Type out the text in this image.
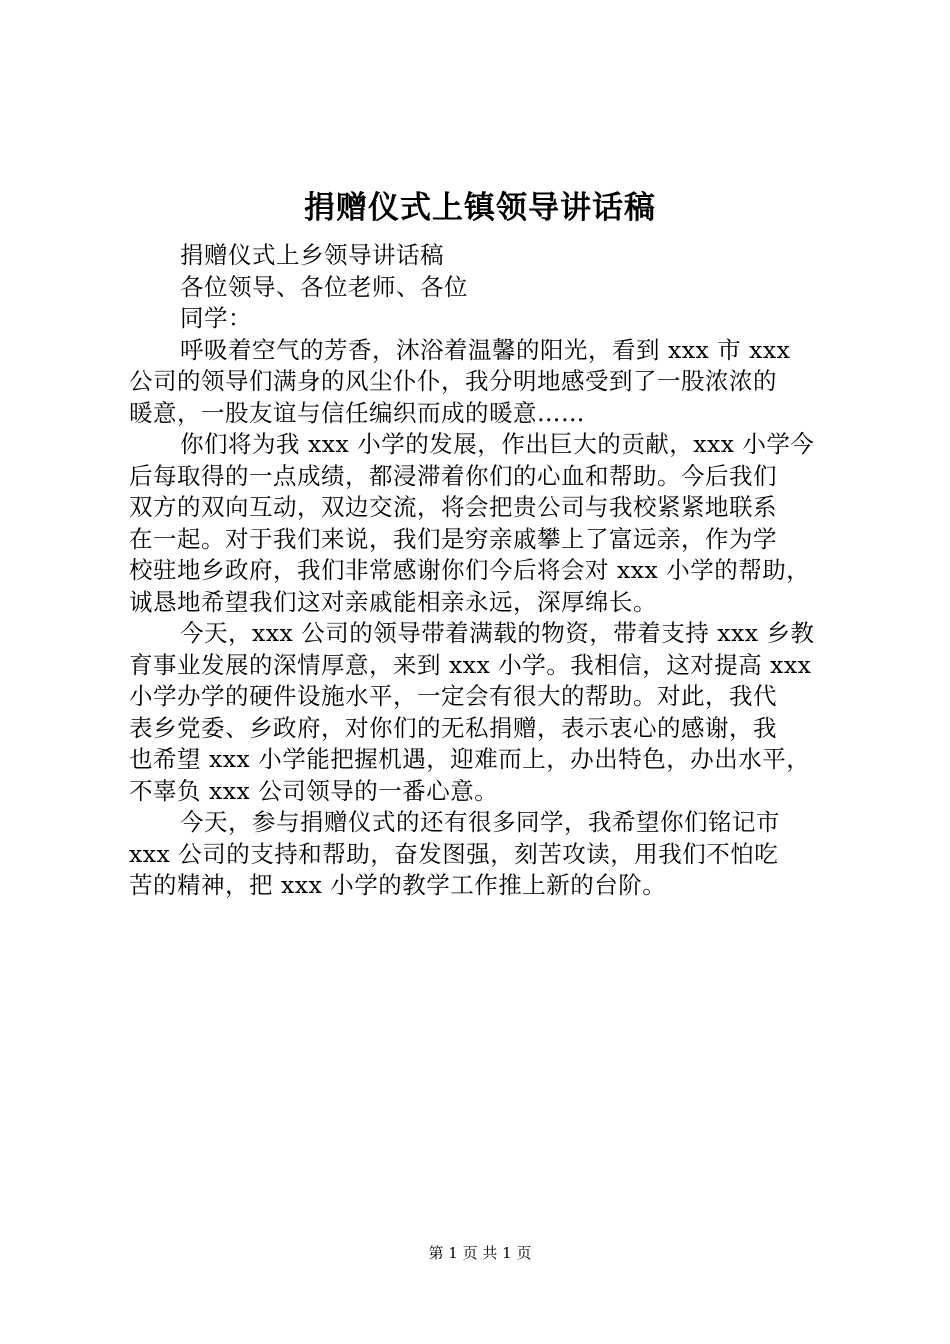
捐赠仪式上镇领导讲话稿
捐赠仪式上乡领导讲话稿
各位领导、各位老师、各位
同学：
呼吸着空气的芳香，沐浴着温馨的阳光，看到 xxx 市 xxx
公司的领导们满身的风尘仆仆，我分明地感受到了一股浓浓的
暖意，一股友谊与信任编织而成的暖意……
你们将为我 xxx 小学的发展，作出巨大的贡献，xxx 小学今
后每取得的一点成绩，都浸滞着你们的心血和帮助。今后我们
双方的双向互动，双边交流，将会把贵公司与我校紧紧地联系
在一起。对于我们来说，我们是穷亲戚攀上了富远亲，作为学
校驻地乡政府，我们非常感谢你们今后将会对 xxx 小学的帮助，
诚恳地希望我们这对亲戚能相亲永远，深厚绵长。
今天，xxx 公司的领导带着满载的物资，带着支持 xxx 乡教
育事业发展的深情厚意，来到 xxx 小学。我相信，这对提高 xxx
小学办学的硬件设施水平，一定会有很大的帮助。对此，我代
表乡党委、乡政府，对你们的无私捐赠，表示衷心的感谢，我
也希望 xxx 小学能把握机遇，迎难而上，办出特色，办出水平，
不辜负 xxx 公司领导的一番心意。
今天，参与捐赠仪式的还有很多同学，我希望你们铭记市
xxx 公司的支持和帮助，奋发图强，刻苦攻读，用我们不怕吃
苦的精神，把 xxx 小学的教学工作推上新的台阶。
第 1 页 共 1 页
